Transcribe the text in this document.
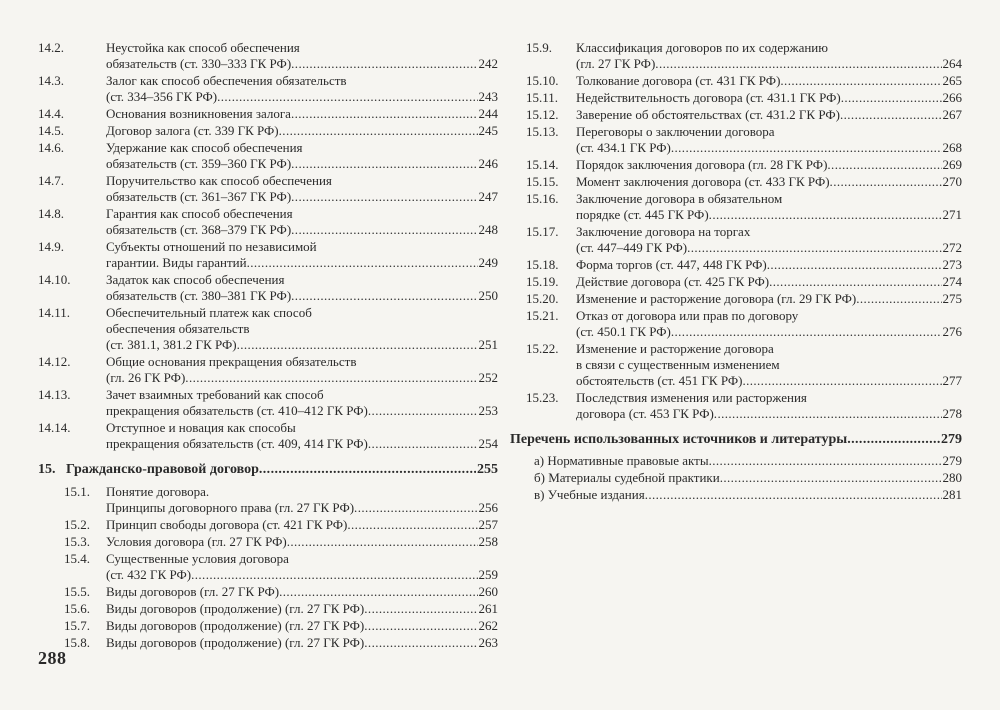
14.2.	Неустойка как способ обеспечения
обязательств (ст. 330–333 ГК РФ) .....	242
14.3.	Залог как способ обеспечения обязательств
(ст. 334–356 ГК РФ) .....	243
14.4.	Основания возникновения залога .....	244
14.5.	Договор залога (ст. 339 ГК РФ) .....	245
14.6.	Удержание как способ обеспечения
обязательств (ст. 359–360 ГК РФ) .....	246
14.7.	Поручительство как способ обеспечения
обязательств (ст. 361–367 ГК РФ) .....	247
14.8.	Гарантия как способ обеспечения
обязательств (ст. 368–379 ГК РФ) .....	248
14.9.	Субъекты отношений по независимой
гарантии. Виды гарантий .....	249
14.10.	Задаток как способ обеспечения
обязательств (ст. 380–381 ГК РФ) .....	250
14.11.	Обеспечительный платеж как способ
обеспечения обязательств
(ст. 381.1, 381.2 ГК РФ) .....	251
14.12.	Общие основания прекращения обязательств
(гл. 26 ГК РФ) .....	252
14.13.	Зачет взаимных требований как способ
прекращения обязательств (ст. 410–412 ГК РФ) .....	253
14.14.	Отступное и новация как способы
прекращения обязательств (ст. 409, 414 ГК РФ) .....	254
15. Гражданско-правовой договор .....	255
15.1.	Понятие договора.
Принципы договорного права (гл. 27 ГК РФ) .....	256
15.2.	Принцип свободы договора (ст. 421 ГК РФ) .....	257
15.3.	Условия договора (гл. 27 ГК РФ) .....	258
15.4.	Существенные условия договора
(ст. 432 ГК РФ) .....	259
15.5.	Виды договоров (гл. 27 ГК РФ) .....	260
15.6.	Виды договоров (продолжение) (гл. 27 ГК РФ) .....	261
15.7.	Виды договоров (продолжение) (гл. 27 ГК РФ) .....	262
15.8.	Виды договоров (продолжение) (гл. 27 ГК РФ) .....	263
15.9.	Классификация договоров по их содержанию
(гл. 27 ГК РФ) .....	264
15.10.	Толкование договора (ст. 431 ГК РФ) .....	265
15.11.	Недействительность договора (ст. 431.1 ГК РФ) .....	266
15.12.	Заверение об обстоятельствах (ст. 431.2 ГК РФ) .....	267
15.13.	Переговоры о заключении договора
(ст. 434.1 ГК РФ) .....	268
15.14.	Порядок заключения договора (гл. 28 ГК РФ) .....	269
15.15.	Момент заключения договора (ст. 433 ГК РФ) .....	270
15.16.	Заключение договора в обязательном
порядке (ст. 445 ГК РФ) .....	271
15.17.	Заключение договора на торгах
(ст. 447–449 ГК РФ) .....	272
15.18.	Форма торгов (ст. 447, 448 ГК РФ) .....	273
15.19.	Действие договора (ст. 425 ГК РФ) .....	274
15.20.	Изменение и расторжение договора (гл. 29 ГК РФ) .....	275
15.21.	Отказ от договора или прав по договору
(ст. 450.1 ГК РФ) .....	276
15.22.	Изменение и расторжение договора
в связи с существенным изменением
обстоятельств (ст. 451 ГК РФ) .....	277
15.23.	Последствия изменения или расторжения
договора (ст. 453 ГК РФ) .....	278
Перечень использованных источников и литературы .....	279
а) Нормативные правовые акты .....	279
б) Материалы судебной практики .....	280
в) Учебные издания .....	281
288
